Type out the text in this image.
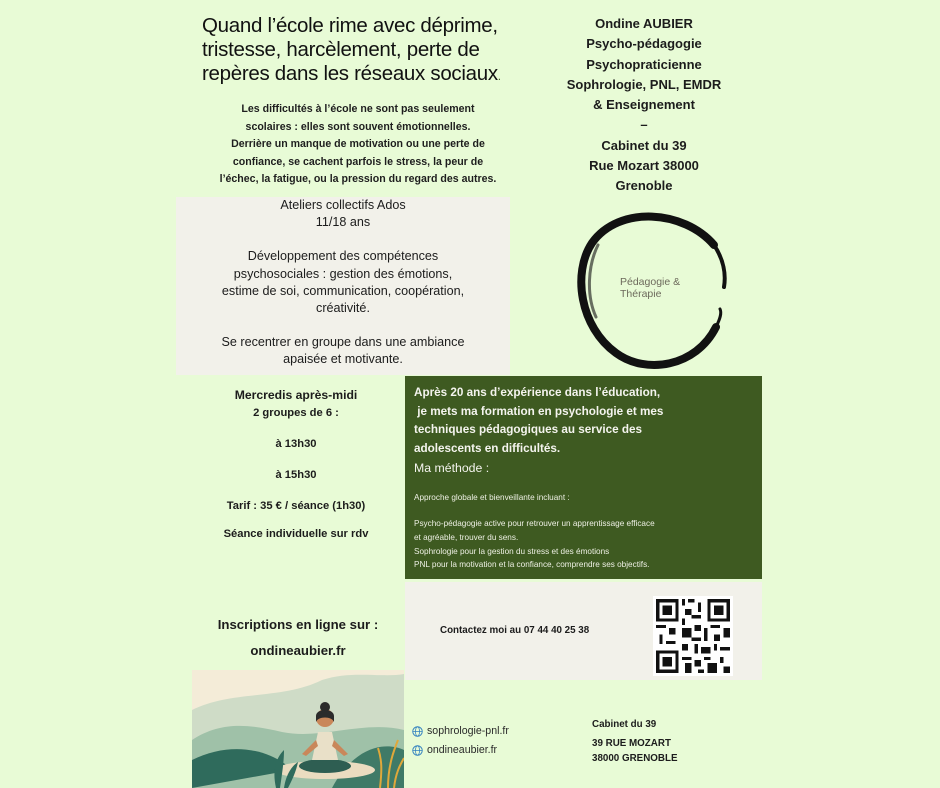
Quand l’école rime avec déprime, tristesse, harcèlement, perte de repères dans les réseaux sociaux.
Les difficultés à l’école ne sont pas seulement
scolaires : elles sont souvent émotionnelles.
Derrière un manque de motivation ou une perte de
confiance, se cachent parfois le stress, la peur de
l’échec, la fatigue, ou la pression du regard des autres.
Ondine AUBIER
Psycho-pédagogie
Psychopraticienne
Sophrologie, PNL, EMDR
& Enseignement
–
Cabinet du 39
Rue Mozart 38000
Grenoble

Ateliers collectifs Ados

11/18 ans

Développement des compétences

psychosociales : gestion des émotions,

estime de soi, communication, coopération,

créativité.

Se recentrer en groupe dans une ambiance

apaisée et motivante.

Pédagogie &
Thérapie
Mercredis après-midi
2 groupes de 6 :
à 13h30
à 15h30
Tarif : 35 € / séance (1h30)
Séance individuelle sur rdv
Après 20 ans d’expérience dans l’éducation,
je mets ma formation en psychologie et mes
techniques pédagogiques au service des
adolescents en difficultés.
Ma méthode :
Approche globale et bienveillante incluant :
Psycho-pédagogie active pour retrouver un apprentissage efficace
et agréable, trouver du sens.
Sophrologie pour la gestion du stress et des émotions
PNL pour la motivation et la confiance, comprendre ses objectifs.
Contactez moi au 07 44 40 25 38
Inscriptions en ligne sur :
ondineaubier.fr
sophrologie-pnl.fr
ondineaubier.fr
Cabinet du 39
39 RUE MOZART
38000 GRENOBLE
